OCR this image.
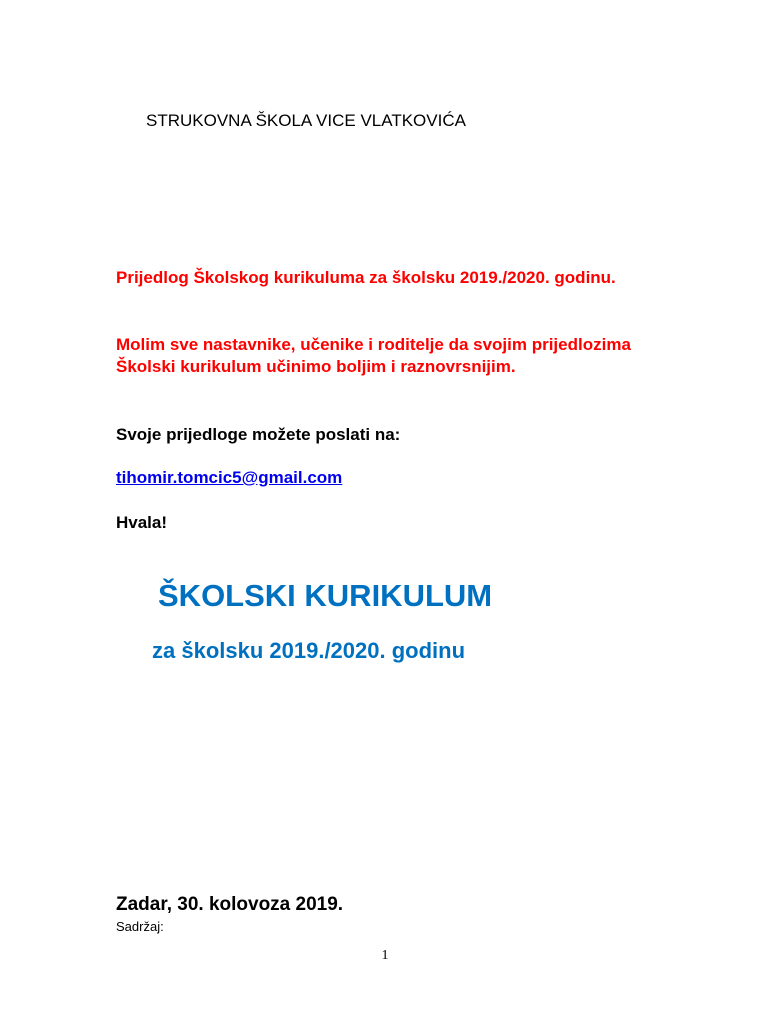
STRUKOVNA ŠKOLA VICE VLATKOVIĆA
Prijedlog Školskog kurikuluma za školsku 2019./2020. godinu.
Molim sve nastavnike, učenike i roditelje da svojim prijedlozima Školski kurikulum učinimo boljim i raznovrsnijim.
Svoje prijedloge možete poslati na:
tihomir.tomcic5@gmail.com
Hvala!
ŠKOLSKI KURIKULUM
za školsku 2019./2020. godinu
Zadar, 30. kolovoza 2019.
Sadržaj:
1
